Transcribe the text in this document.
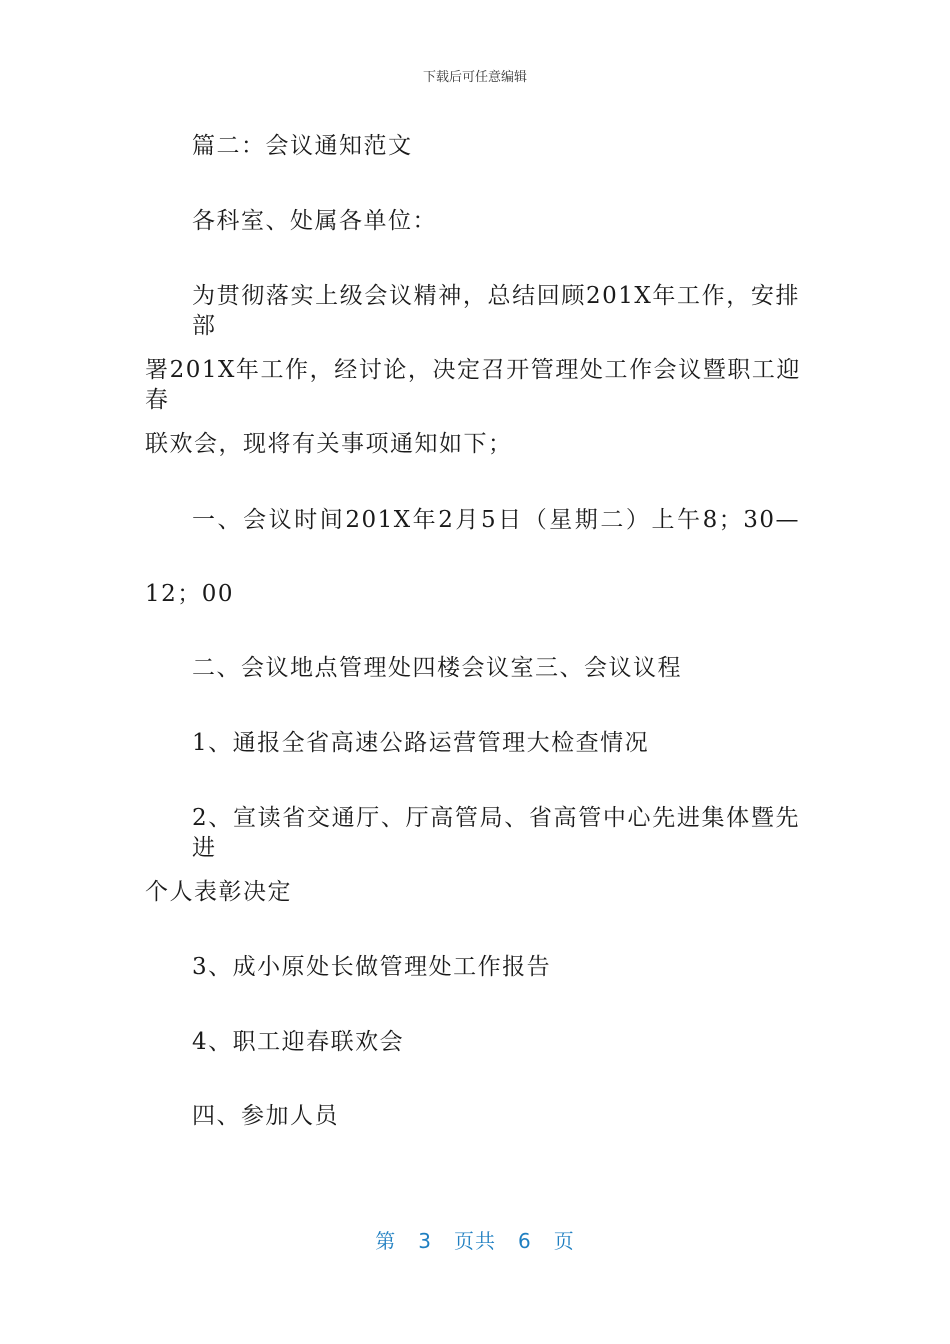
下载后可任意编辑
篇二：会议通知范文
各科室、处属各单位：
为贯彻落实上级会议精神，总结回顾201X年工作，安排部
署201X年工作，经讨论，决定召开管理处工作会议暨职工迎春
联欢会，现将有关事项通知如下；
一、会议时间201X年2月5日（星期二）上午8；30—
12；00
二、会议地点管理处四楼会议室三、会议议程
1、通报全省高速公路运营管理大检查情况
2、宣读省交通厅、厅高管局、省高管中心先进集体暨先进
个人表彰决定
3、成小原处长做管理处工作报告
4、职工迎春联欢会
四、参加人员
第 3 页共 6 页
